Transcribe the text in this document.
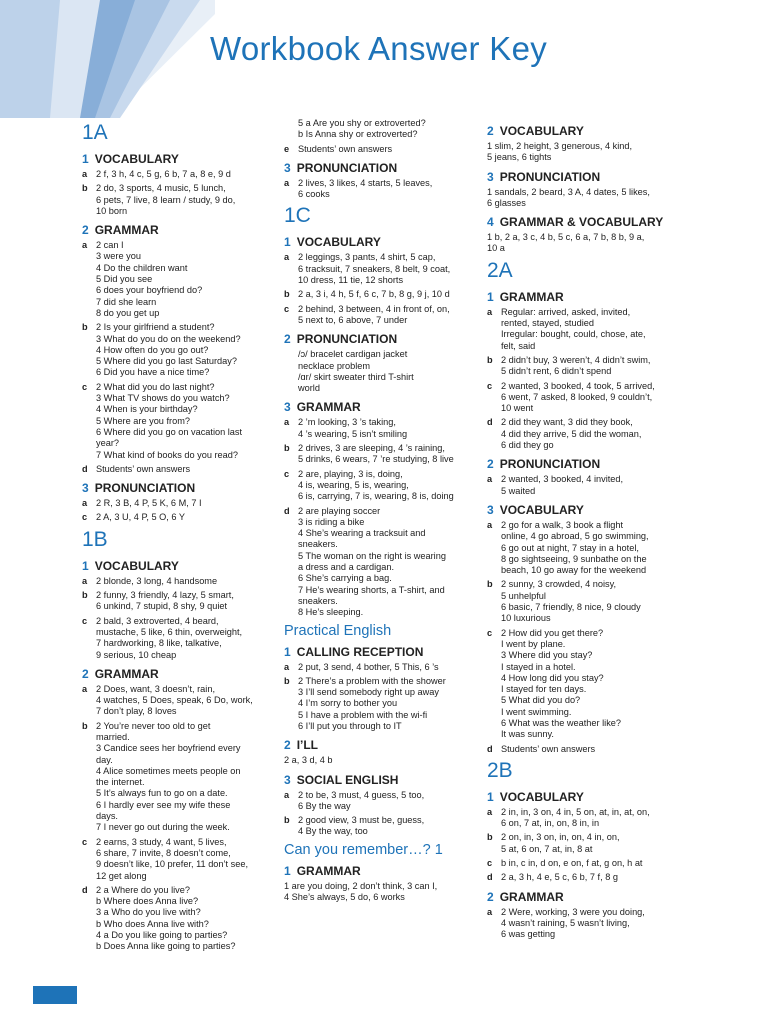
Workbook Answer Key
1A
1 VOCABULARY
a 2 f, 3 h, 4 c, 5 g, 6 b, 7 a, 8 e, 9 d
b 2 do, 3 sports, 4 music, 5 lunch,
6 pets, 7 live, 8 learn / study, 9 do,
10 born
2 GRAMMAR
a 2 can I
3 were you
4 Do the children want
5 Did you see
6 does your boyfriend do?
7 did she learn
8 do you get up
b 2 Is your girlfriend a student?
3 What do you do on the weekend?
4 How often do you go out?
5 Where did you go last Saturday?
6 Did you have a nice time?
c 2 What did you do last night?
3 What TV shows do you watch?
4 When is your birthday?
5 Where are you from?
6 Where did you go on vacation last
year?
7 What kind of books do you read?
d Students’ own answers
3 PRONUNCIATION
a 2 R, 3 B, 4 P, 5 K, 6 M, 7 I
c 2 A, 3 U, 4 P, 5 O, 6 Y
1B
1 VOCABULARY
a 2 blonde, 3 long, 4 handsome
b 2 funny, 3 friendly, 4 lazy, 5 smart,
6 unkind, 7 stupid, 8 shy, 9 quiet
c 2 bald, 3 extroverted, 4 beard,
mustache, 5 like, 6 thin, overweight,
7 hardworking, 8 like, talkative,
9 serious, 10 cheap
2 GRAMMAR
a 2 Does, want, 3 doesn’t, rain,
4 watches, 5 Does, speak, 6 Do, work,
7 don’t play, 8 loves
b 2 You’re never too old to get
married.
3 Candice sees her boyfriend every
day.
4 Alice sometimes meets people on
the internet.
5 It’s always fun to go on a date.
6 I hardly ever see my wife these
days.
7 I never go out during the week.
c 2 earns, 3 study, 4 want, 5 lives,
6 share, 7 invite, 8 doesn’t come,
9 doesn’t like, 10 prefer, 11 don’t see,
12 get along
d 2 a Where do you live?
b Where does Anna live?
3 a Who do you live with?
b Who does Anna live with?
4 a Do you like going to parties?
b Does Anna like going to parties?
5 a Are you shy or extroverted?
b Is Anna shy or extroverted?
e Students’ own answers
3 PRONUNCIATION
a 2 lives, 3 likes, 4 starts, 5 leaves,
6 cooks
1C
1 VOCABULARY
a 2 leggings, 3 pants, 4 shirt, 5 cap,
6 tracksuit, 7 sneakers, 8 belt, 9 coat,
10 dress, 11 tie, 12 shorts
b 2 a, 3 i, 4 h, 5 f, 6 c, 7 b, 8 g, 9 j, 10 d
c 2 behind, 3 between, 4 in front of, on,
5 next to, 6 above, 7 under
2 PRONUNCIATION
/ɔ/ bracelet cardigan jacket
necklace problem
/ɑr/ skirt sweater third T-shirt
world
3 GRAMMAR
a 2 ’m looking, 3 ’s taking,
4 ’s wearing, 5 isn’t smiling
b 2 drives, 3 are sleeping, 4 ’s raining,
5 drinks, 6 wears, 7 ’re studying, 8 live
c 2 are, playing, 3 is, doing,
4 is, wearing, 5 is, wearing,
6 is, carrying, 7 is, wearing, 8 is, doing
d 2 are playing soccer
3 is riding a bike
4 She’s wearing a tracksuit and
sneakers.
5 The woman on the right is wearing
a dress and a cardigan.
6 She’s carrying a bag.
7 He’s wearing shorts, a T-shirt, and
sneakers.
8 He’s sleeping.
Practical English
1 CALLING RECEPTION
a 2 put, 3 send, 4 bother, 5 This, 6 ’s
b 2 There’s a problem with the shower
3 I’ll send somebody right up away
4 I’m sorry to bother you
5 I have a problem with the wi-fi
6 I’ll put you through to IT
2 I’LL
2 a, 3 d, 4 b
3 SOCIAL ENGLISH
a 2 to be, 3 must, 4 guess, 5 too,
6 By the way
b 2 good view, 3 must be, guess,
4 By the way, too
Can you remember…? 1
1 GRAMMAR
1 are you doing, 2 don’t think, 3 can I,
4 She’s always, 5 do, 6 works
2 VOCABULARY
1 slim, 2 height, 3 generous, 4 kind,
5 jeans, 6 tights
3 PRONUNCIATION
1 sandals, 2 beard, 3 A, 4 dates, 5 likes,
6 glasses
4 GRAMMAR & VOCABULARY
1 b, 2 a, 3 c, 4 b, 5 c, 6 a, 7 b, 8 b, 9 a,
10 a
2A
1 GRAMMAR
a Regular: arrived, asked, invited,
rented, stayed, studied
Irregular: bought, could, chose, ate,
felt, said
b 2 didn’t buy, 3 weren’t, 4 didn’t swim,
5 didn’t rent, 6 didn’t spend
c 2 wanted, 3 booked, 4 took, 5 arrived,
6 went, 7 asked, 8 looked, 9 couldn’t,
10 went
d 2 did they want, 3 did they book,
4 did they arrive, 5 did the woman,
6 did they go
2 PRONUNCIATION
a 2 wanted, 3 booked, 4 invited,
5 waited
3 VOCABULARY
a 2 go for a walk, 3 book a flight
online, 4 go abroad, 5 go swimming,
6 go out at night, 7 stay in a hotel,
8 go sightseeing, 9 sunbathe on the
beach, 10 go away for the weekend
b 2 sunny, 3 crowded, 4 noisy,
5 unhelpful
6 basic, 7 friendly, 8 nice, 9 cloudy
10 luxurious
c 2 How did you get there?
I went by plane.
3 Where did you stay?
I stayed in a hotel.
4 How long did you stay?
I stayed for ten days.
5 What did you do?
I went swimming.
6 What was the weather like?
It was sunny.
d Students’ own answers
2B
1 VOCABULARY
a 2 in, in, 3 on, 4 in, 5 on, at, in, at, on,
6 on, 7 at, in, on, 8 in, in
b 2 on, in, 3 on, in, on, 4 in, on,
5 at, 6 on, 7 at, in, 8 at
c b in, c in, d on, e on, f at, g on, h at
d 2 a, 3 h, 4 e, 5 c, 6 b, 7 f, 8 g
2 GRAMMAR
a 2 Were, working, 3 were you doing,
4 wasn’t raining, 5 wasn’t living,
6 was getting
